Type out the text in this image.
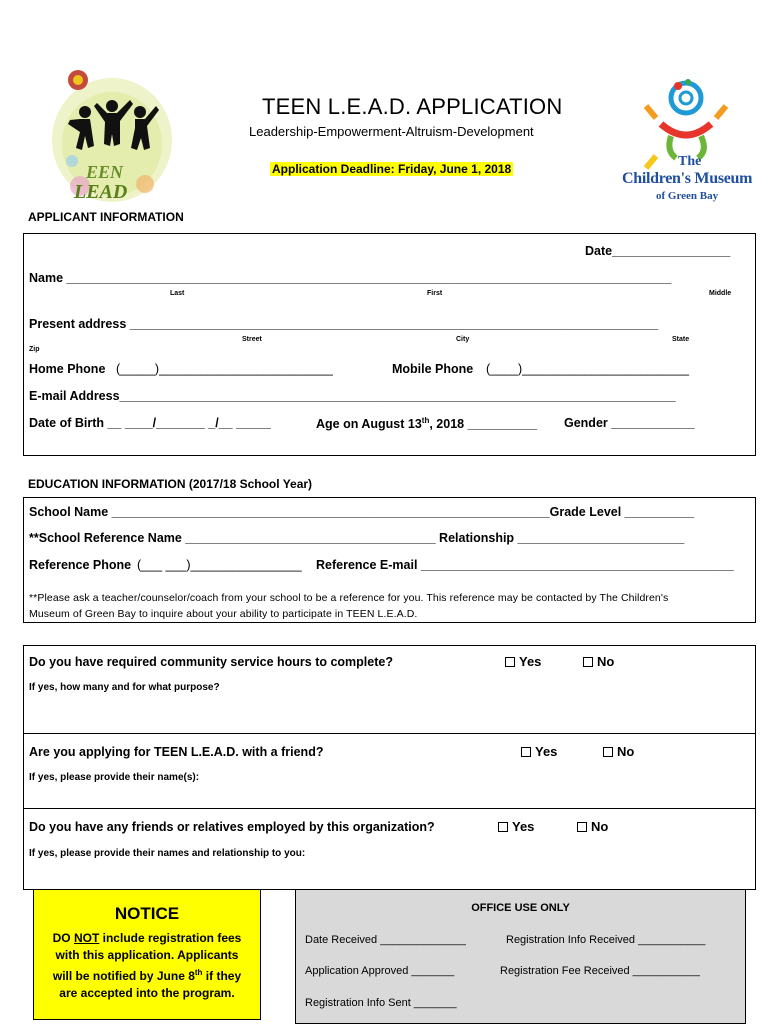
EEN
LEAD
TEEN L.E.A.D. APPLICATION
Leadership-Empowerment-Altruism-Development
Application Deadline: Friday, June 1, 2018	The
Children's Museum
of Green Bay
APPLICANT INFORMATION
Date_________________
Name _______________________________________________________________________________________
Last	First	Middle
Present address ____________________________________________________________________________
Street	City	State
Zip
Home Phone (_____)_________________________	Mobile Phone (____)________________________
E-mail Address________________________________________________________________________________
Date of Birth __ ____/_______ _/__ _____	Age on August 13th, 2018 __________ Gender ____________
EDUCATION INFORMATION (2017/18 School Year)
School Name _______________________________________________________________Grade Level __________
**School Reference Name ____________________________________ Relationship ________________________
Reference Phone (___ ___)________________ Reference E-mail _____________________________________________
**Please ask a teacher/counselor/coach from your school to be a reference for you. This reference may be contacted by The Children's
Museum of Green Bay to inquire about your ability to participate in TEEN L.E.A.D.
Do you have required community service hours to complete?	Yes	No
If yes, how many and for what purpose?
Are you applying for TEEN L.E.A.D. with a friend?	Yes	No
If yes, please provide their name(s):
Do you have any friends or relatives employed by this organization?	Yes	No
If yes, please provide their names and relationship to you:
NOTICE
DO NOT include registration fees
with this application. Applicants
will be notified by June 8th if they
are accepted into the program.
OFFICE USE ONLY
Date Received ______________	Registration Info Received ___________
Application Approved _______	Registration Fee Received ___________
Registration Info Sent _______
